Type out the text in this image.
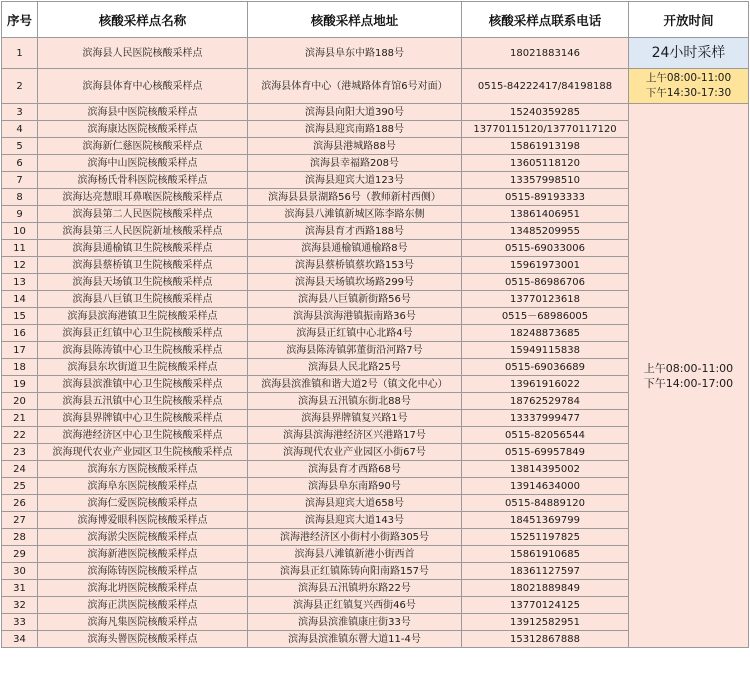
序号	核酸采样点名称	核酸采样点地址	核酸采样点联系电话	开放时间
1	滨海县人民医院核酸采样点	滨海县阜东中路188号	18021883146	24小时采样
2	滨海县体育中心核酸采样点	滨海县体育中心（港城路体育馆6号对面）	0515-84222417/84198188	上午08:00-11:00
下午14:30-17:30

3	滨海县中医院核酸采样点	滨海县向阳大道390号	15240359285	上午08:00-11:00
下午14:00-17:00

4	滨海康达医院核酸采样点	滨海县迎宾南路188号	13770115120/13770117120	
5	滨海新仁慈医院核酸采样点	滨海县港城路88号	15861913198	
6	滨海中山医院核酸采样点	滨海县幸福路208号	13605118120	
7	滨海杨氏骨科医院核酸采样点	滨海县迎宾大道123号	13357998510	
8	滨海达亮慧眼耳鼻喉医院核酸采样点	滨海县县景湖路56号（教师新村西侧）	0515-89193333	
9	滨海县第二人民医院核酸采样点	滨海县八滩镇新城区陈李路东侧	13861406951	
10	滨海县第三人民医院新址核酸采样点	滨海县育才西路188号	13485209955	
11	滨海县通榆镇卫生院核酸采样点	滨海县通榆镇通榆路8号	0515-69033006	
12	滨海县蔡桥镇卫生院核酸采样点	滨海县蔡桥镇蔡坎路153号	15961973001	
13	滨海县天场镇卫生院核酸采样点	滨海县天场镇坎场路299号	0515-86986706	
14	滨海县八巨镇卫生院核酸采样点	滨海县八巨镇新街路56号	13770123618	
15	滨海县滨海港镇卫生院核酸采样点	滨海县滨海港镇振南路36号	0515－68986005	
16	滨海县正红镇中心卫生院核酸采样点	滨海县正红镇中心北路4号	18248873685	
17	滨海县陈涛镇中心卫生院核酸采样点	滨海县陈涛镇郭董街沿河路7号	15949115838	
18	滨海县东坎街道卫生院核酸采样点	滨海县人民北路25号	0515-69036689	
19	滨海县滨淮镇中心卫生院核酸采样点	滨海县滨淮镇和谐大道2号（镇文化中心）	13961916022	
20	滨海县五汛镇中心卫生院核酸采样点	滨海县五汛镇东街北88号	18762529784	
21	滨海县界牌镇中心卫生院核酸采样点	滨海县界牌镇复兴路1号	13337999477	
22	滨海港经济区中心卫生院核酸采样点	滨海县滨海港经济区兴港路17号	0515-82056544	
23	滨海现代农业产业园区卫生院核酸采样点	滨海现代农业产业园区小街67号	0515-69957849	
24	滨海东方医院核酸采样点	滨海县育才西路68号	13814395002	
25	滨海阜东医院核酸采样点	滨海县阜东南路90号	13914634000	
26	滨海仁爱医院核酸采样点	滨海县迎宾大道658号	0515-84889120	
27	滨海博爱眼科医院核酸采样点	滨海县迎宾大道143号	18451369799	
28	滨海淤尖医院核酸采样点	滨海港经济区小街村小街路305号	15251197825	
29	滨海新港医院核酸采样点	滨海县八滩镇新港小街西首	15861910685	
30	滨海陈铸医院核酸采样点	滨海县正红镇陈铸向阳南路157号	18361127597	
31	滨海北坍医院核酸采样点	滨海县五汛镇坍东路22号	18021889849	
32	滨海正洪医院核酸采样点	滨海县正红镇复兴西街46号	13770124125	
33	滨海凡集医院核酸采样点	滨海县滨淮镇康庄街33号	13912582951	
34	滨海头罾医院核酸采样点	滨海县滨淮镇东罾大道11-4号	15312867888	
